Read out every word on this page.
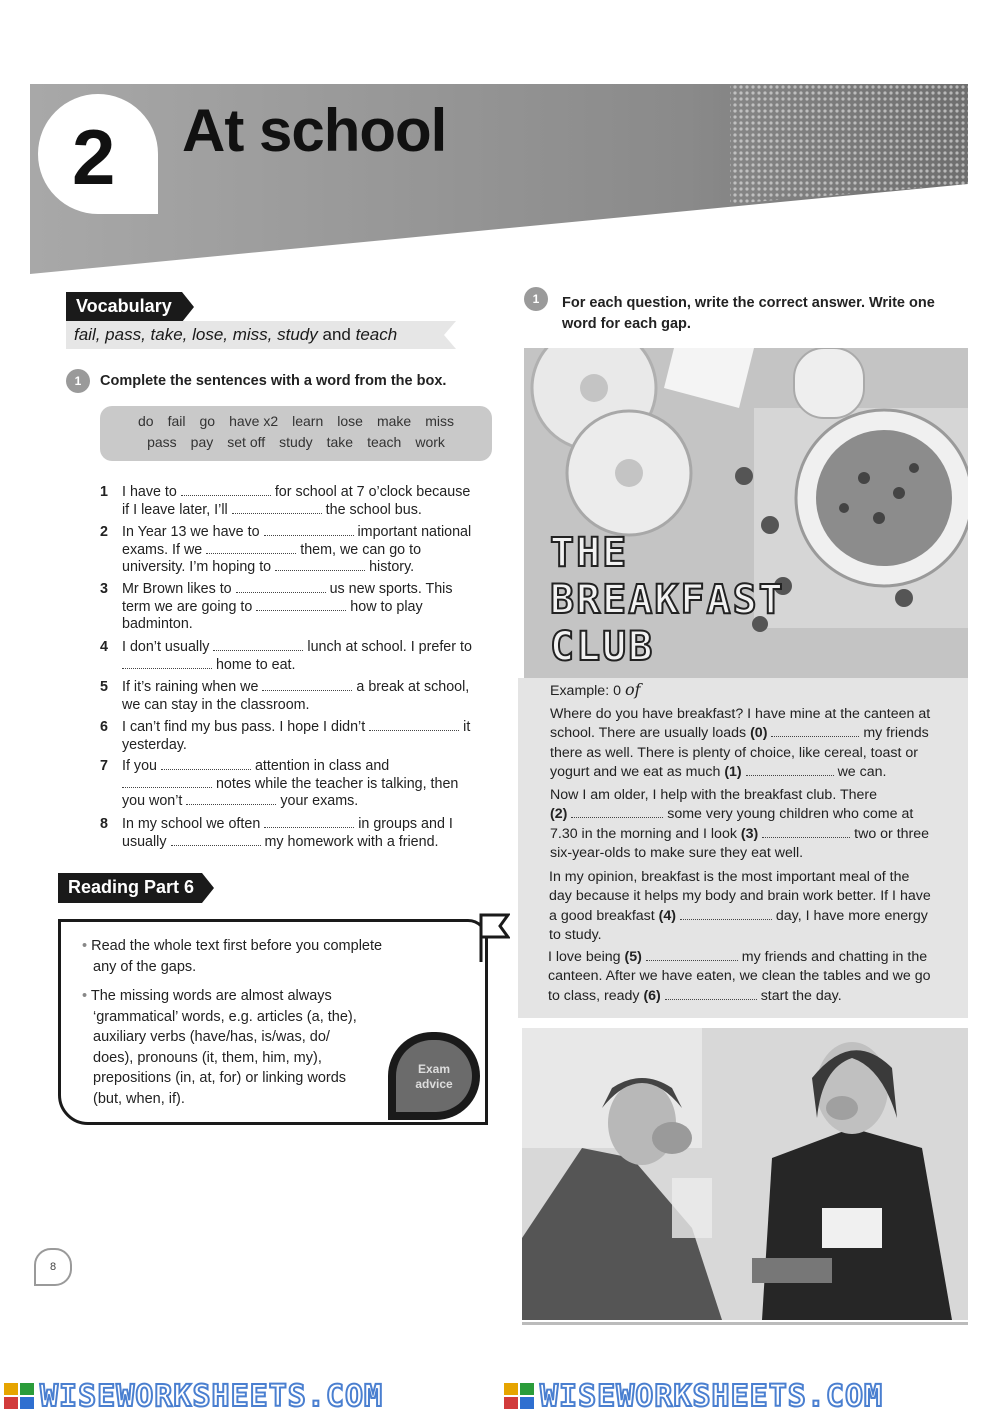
2 At school
Vocabulary
fail, pass, take, lose, miss, study and teach
1	Complete the sentences with a word from the box.
do fail go have x2 learn lose make miss
pass pay set off study take teach work
1 I have to	for school at 7 o’clock because
if I leave later, I’ll	the school bus.
2 In Year 13 we have to	important national
exams. If we	them, we can go to
university. I’m hoping to	history.
3 Mr Brown likes to	us new sports. This
term we are going to	how to play
badminton.
4 I don’t usually	lunch at school. I prefer to
home to eat.
5 If it’s raining when we	a break at school,
we can stay in the classroom.
6 I can’t find my bus pass. I hope I didn’t	it
yesterday.
7 If you	attention in class and
notes while the teacher is talking, then
you won’t	your exams.
8 In my school we often	in groups and I
usually	my homework with a friend.
Reading Part 6
• Read the whole text first before you complete
any of the gaps.
• The missing words are almost always
‘grammatical’ words, e.g. articles (a, the),
auxiliary verbs (have/has, is/was, do/
does), pronouns (it, them, him, my),
prepositions (in, at, for) or linking words
(but, when, if).
Exam
advice
1	For each question, write the correct answer. Write one
word for each gap.
THE
BREAKFAST
CLUB
Example: 0 of
Where do you have breakfast? I have mine at the canteen at
school. There are usually loads (0)	my friends
there as well. There is plenty of choice, like cereal, toast or
yogurt and we eat as much (1)	we can.
Now I am older, I help with the breakfast club. There
(2)	some very young children who come at
7.30 in the morning and I look (3)	two or three
six-year-olds to make sure they eat well.
In my opinion, breakfast is the most important meal of the
day because it helps my body and brain work better. If I have
a good breakfast (4)	day, I have more energy
to study.
I love being (5)	my friends and chatting in the
canteen. After we have eaten, we clean the tables and we go
to class, ready (6)	start the day.
8
WISEWORKSHEETS.COM	WISEWORKSHEETS.COM
